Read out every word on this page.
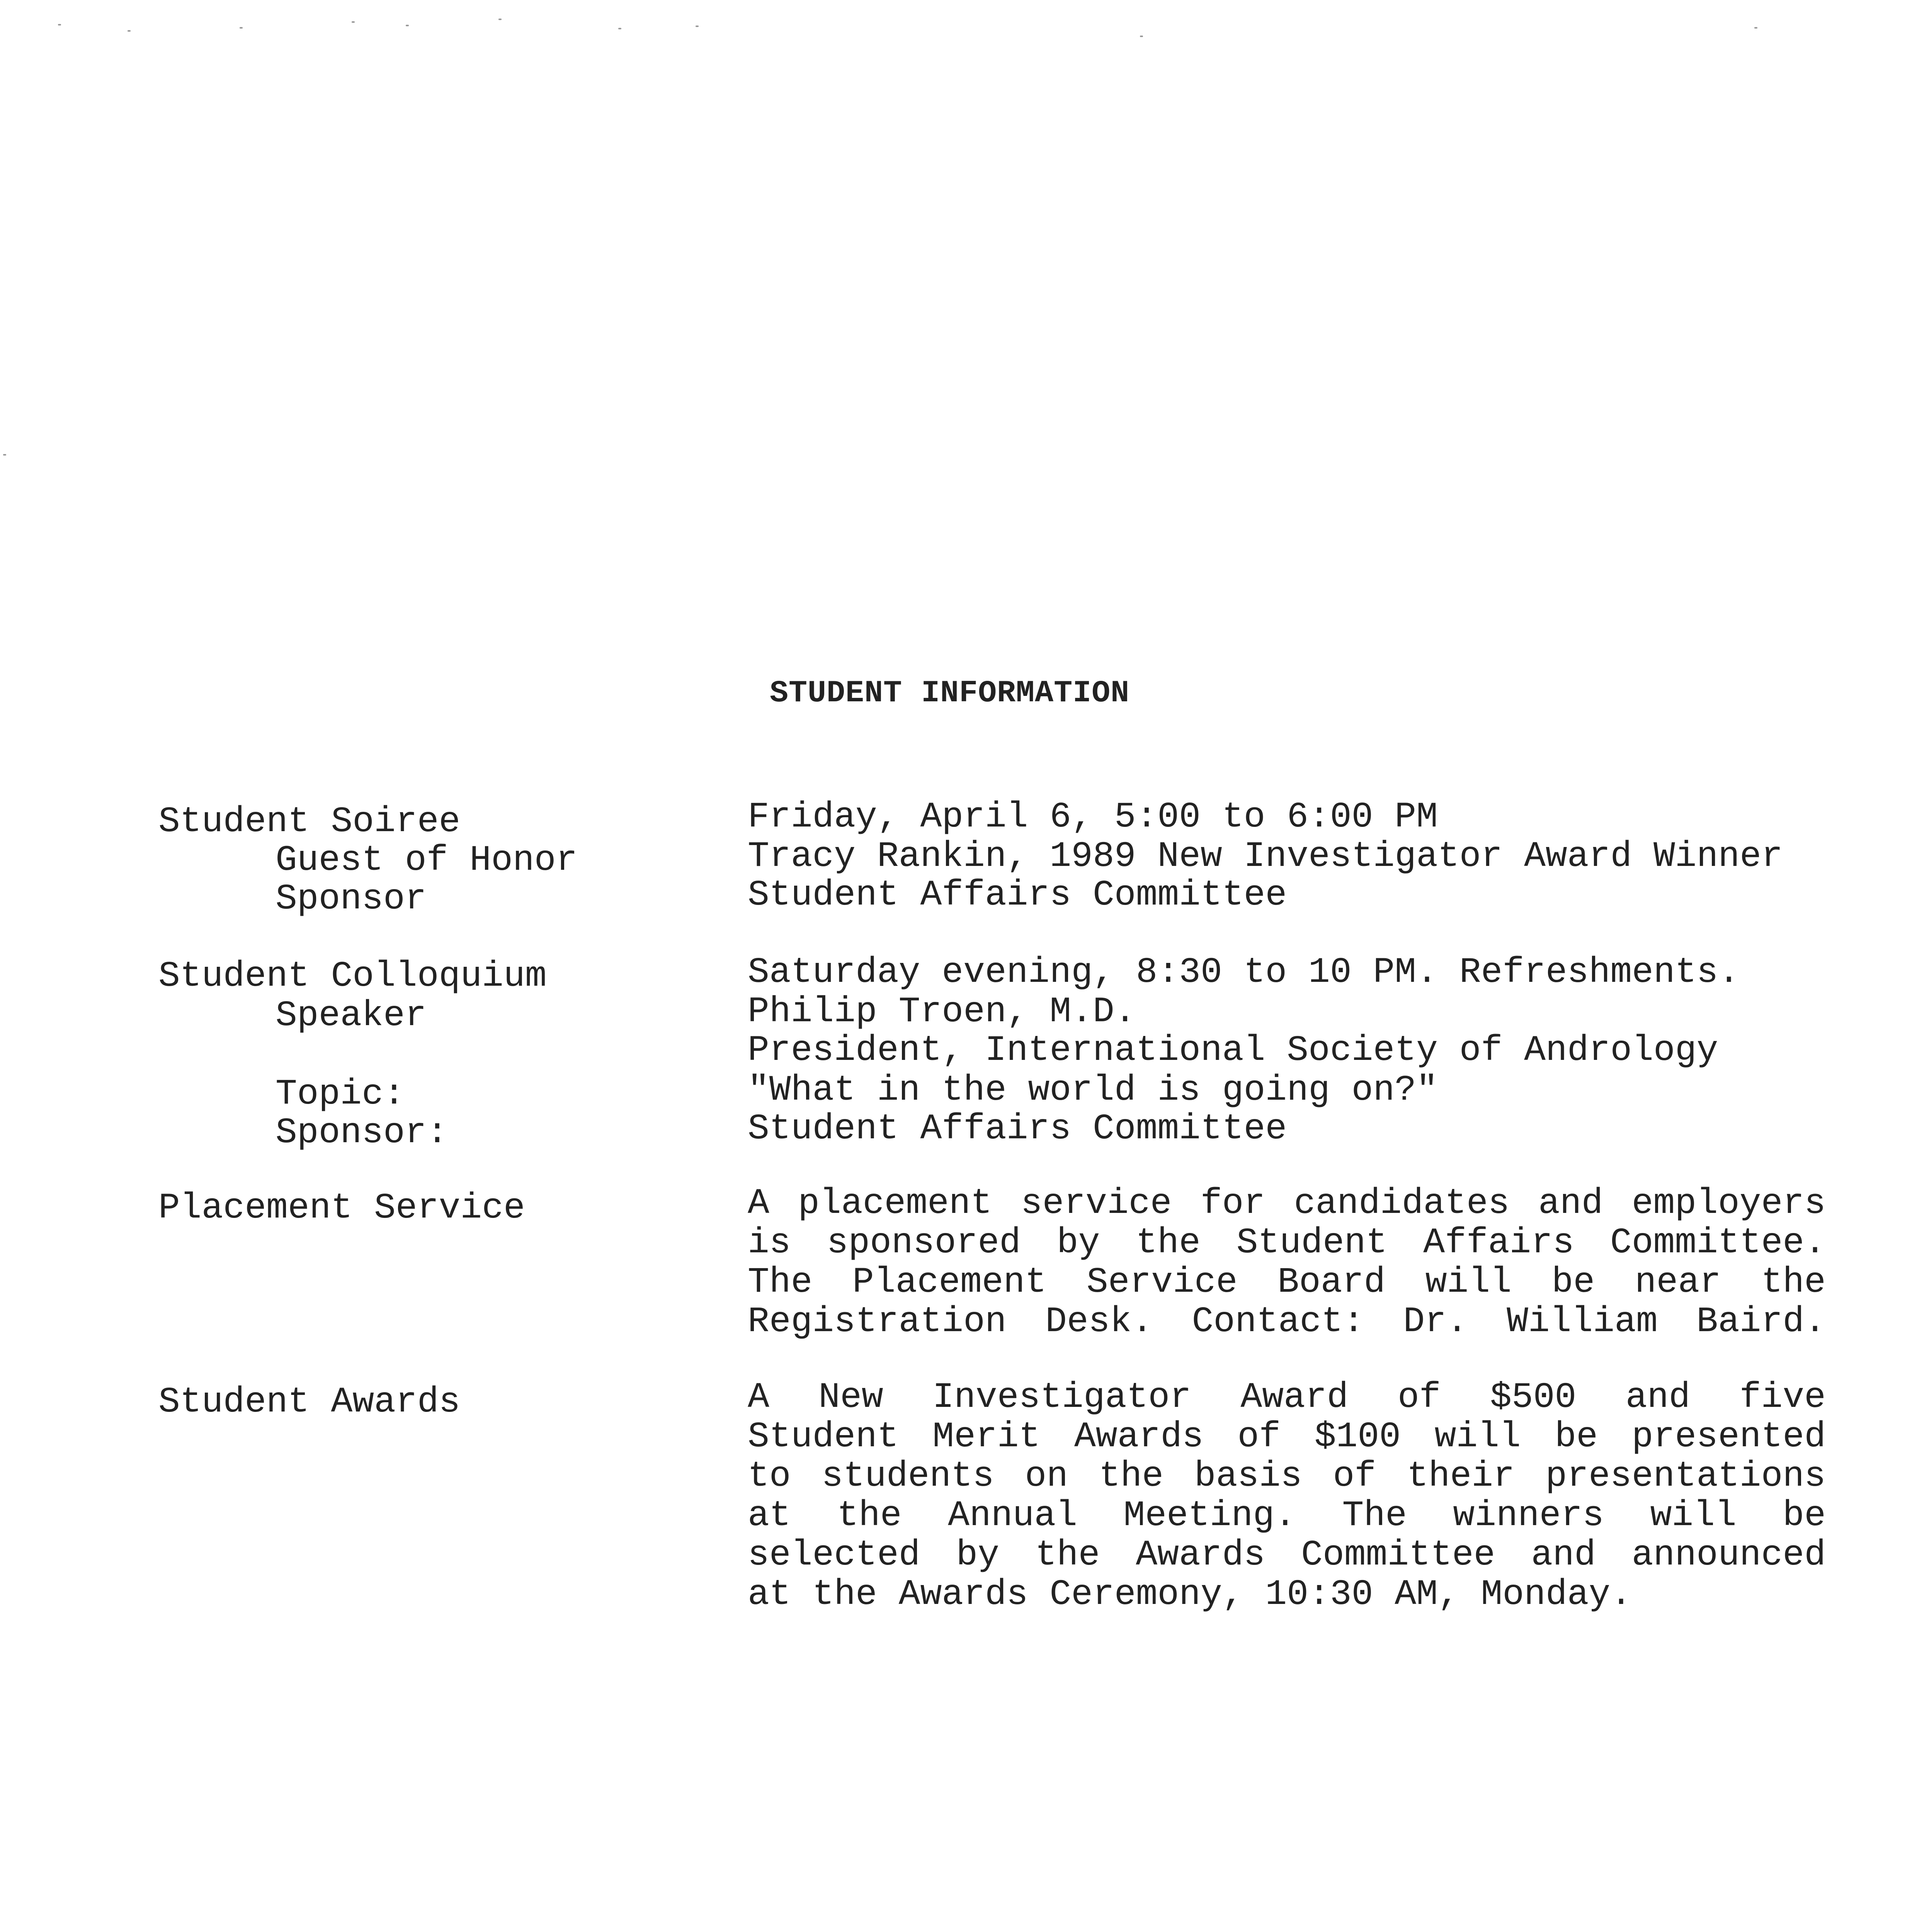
STUDENT INFORMATION
Student Soiree
Guest of Honor
Sponsor
Friday, April 6, 5:00 to 6:00 PM
Tracy Rankin, 1989 New Investigator Award Winner
Student Affairs Committee
Student Colloquium
Speaker
Topic:
Sponsor:
Saturday evening, 8:30 to 10 PM. Refreshments.
Philip Troen, M.D.
President, International Society of Andrology
"What in the world is going on?"
Student Affairs Committee
Placement Service	A placement service for candidates and employers
is sponsored by the Student Affairs Committee.
The Placement Service Board will be near the
Registration Desk. Contact: Dr. William Baird.
Student Awards	A New Investigator Award of $500 and five
Student Merit Awards of $100 will be presented
to students on the basis of their presentations
at the Annual Meeting. The winners will be
selected by the Awards Committee and announced
at the Awards Ceremony, 10:30 AM, Monday.
